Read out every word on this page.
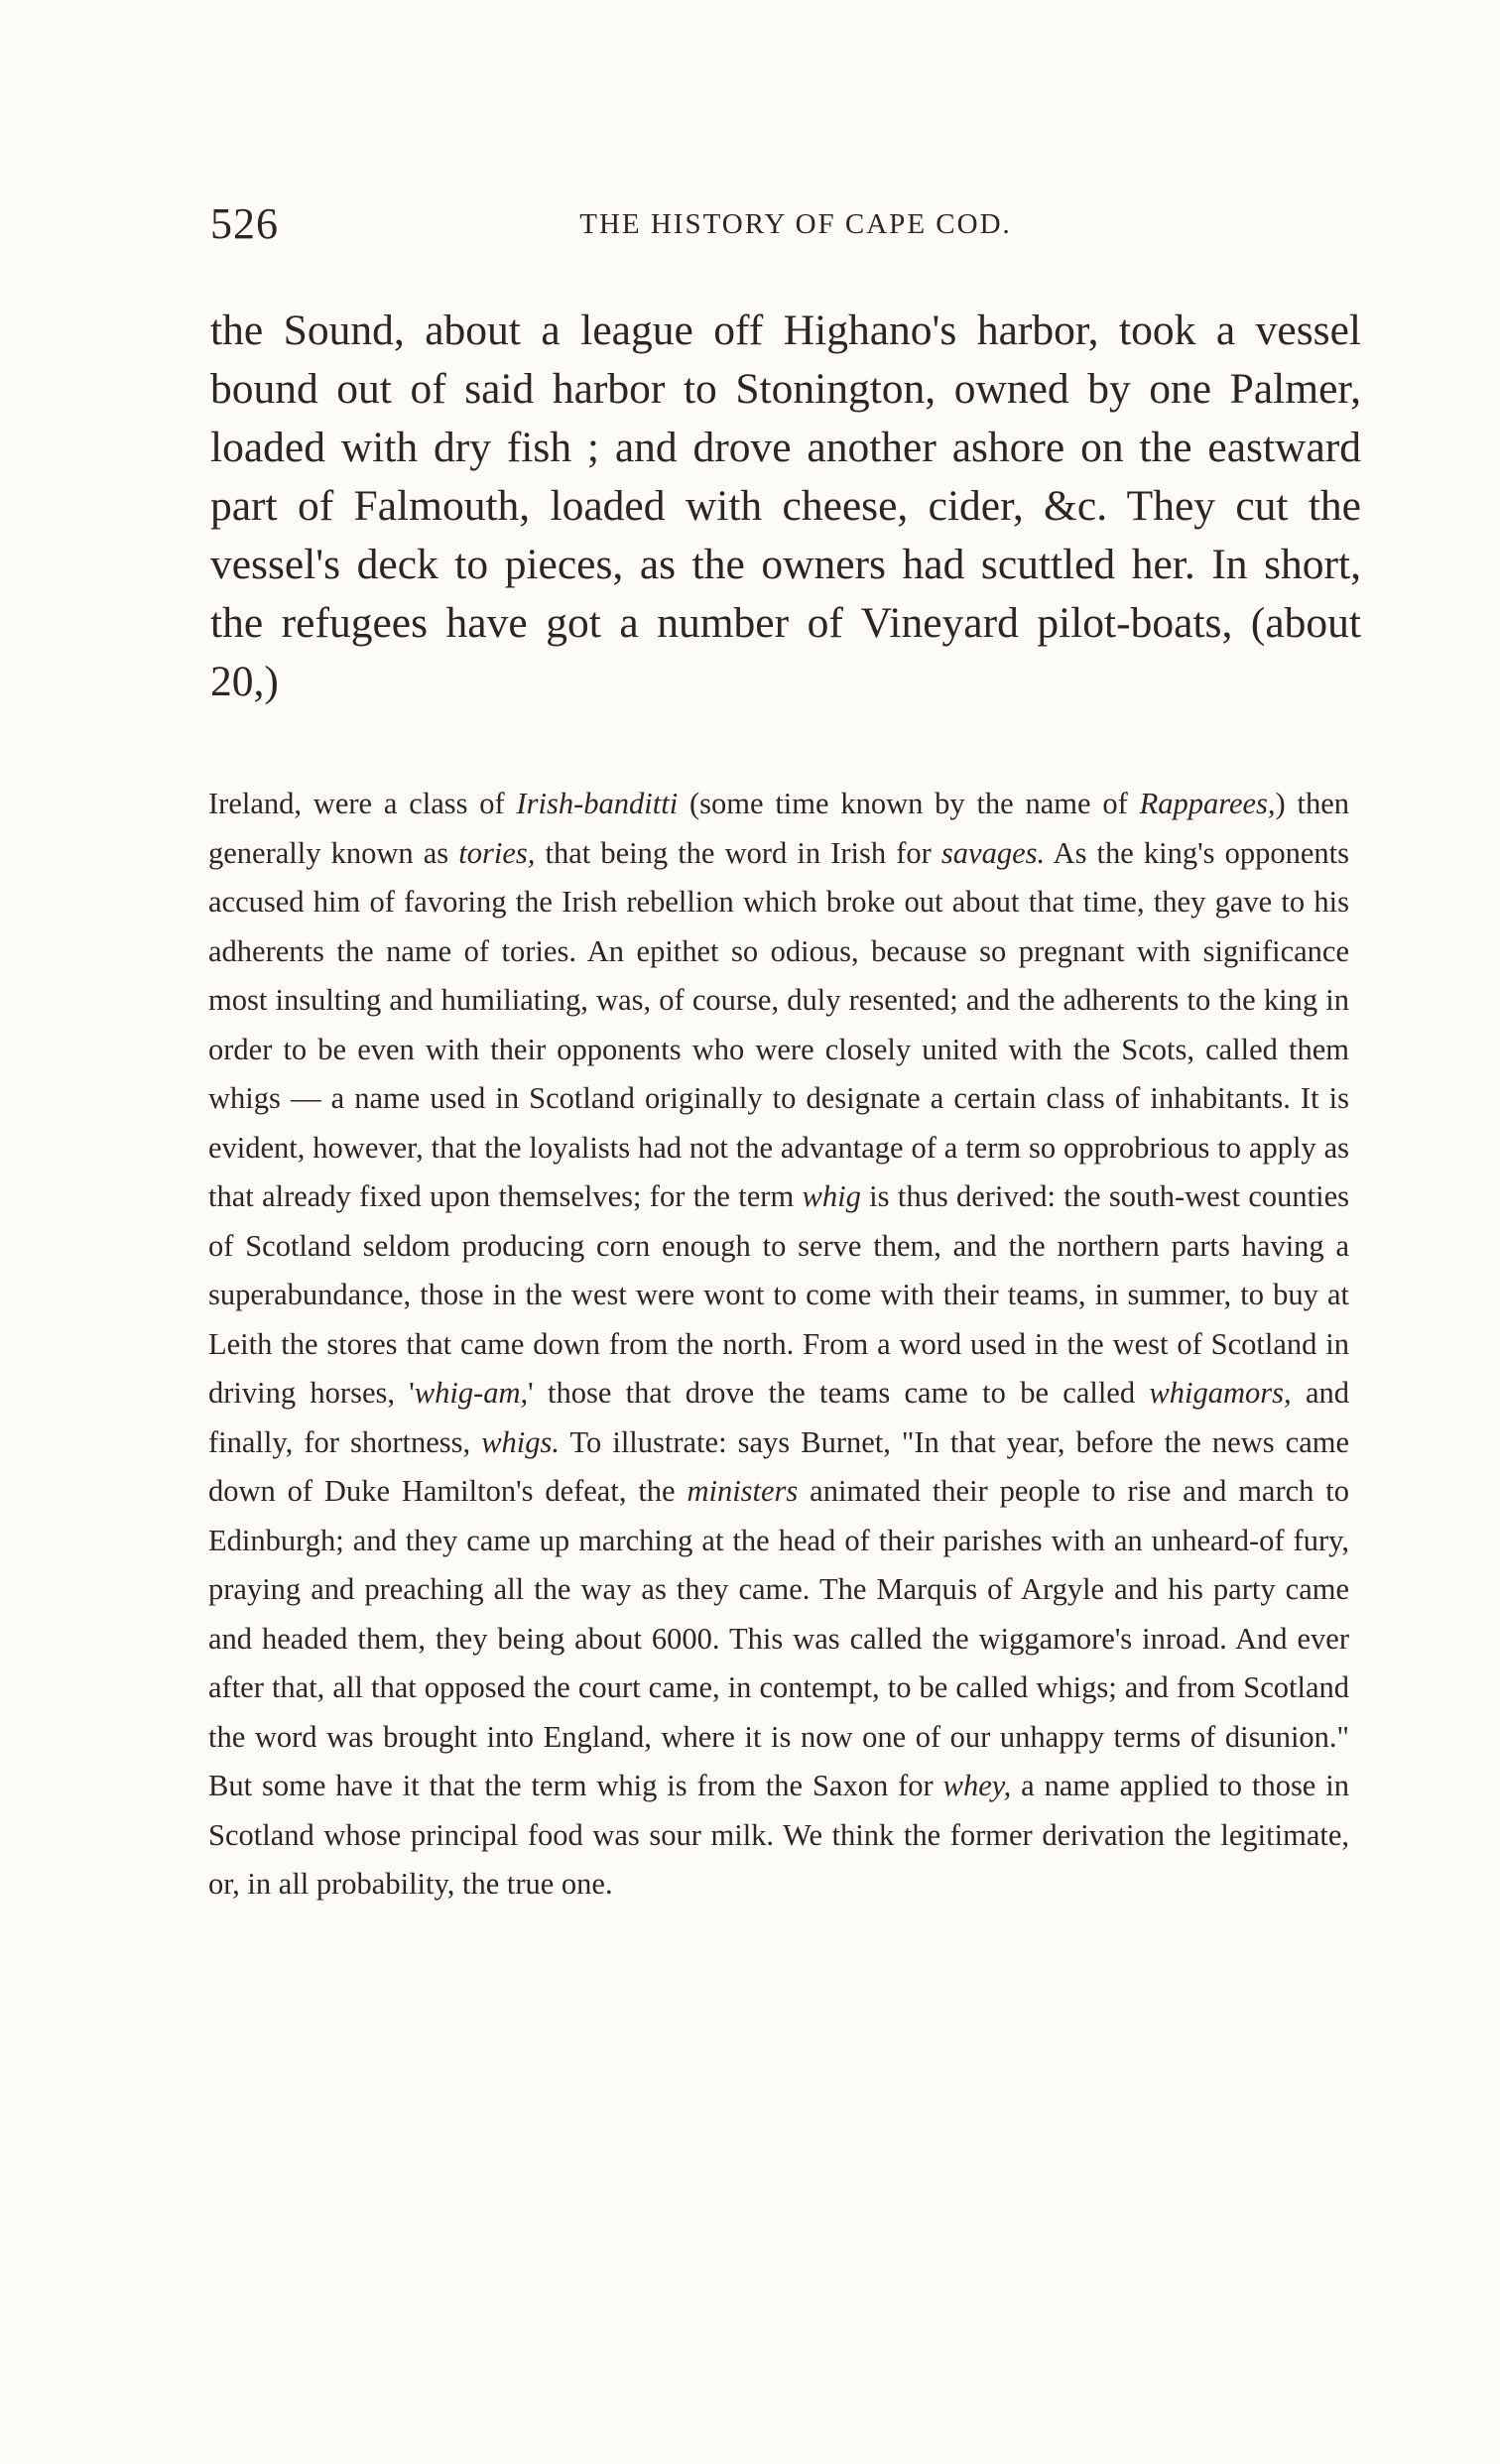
526	THE HISTORY OF CAPE COD.
the Sound, about a league off Highano's harbor, took a vessel bound out of said harbor to Stonington, owned by one Palmer, loaded with dry fish ; and drove another ashore on the eastward part of Falmouth, loaded with cheese, cider, &c. They cut the vessel's deck to pieces, as the owners had scuttled her. In short, the refugees have got a number of Vineyard pilot-boats, (about 20,)
Ireland, were a class of Irish-banditti (some time known by the name of Rapparees,) then generally known as tories, that being the word in Irish for savages. As the king's opponents accused him of favoring the Irish rebellion which broke out about that time, they gave to his adherents the name of tories. An epithet so odious, because so pregnant with significance most insulting and humiliating, was, of course, duly resented; and the adherents to the king in order to be even with their opponents who were closely united with the Scots, called them whigs — a name used in Scotland originally to designate a certain class of inhabitants. It is evident, however, that the loyalists had not the advantage of a term so opprobrious to apply as that already fixed upon themselves; for the term whig is thus derived: the south-west counties of Scotland seldom producing corn enough to serve them, and the northern parts having a superabundance, those in the west were wont to come with their teams, in summer, to buy at Leith the stores that came down from the north. From a word used in the west of Scotland in driving horses, 'whig-am,' those that drove the teams came to be called whigamors, and finally, for shortness, whigs. To illustrate: says Burnet, "In that year, before the news came down of Duke Hamilton's defeat, the ministers animated their people to rise and march to Edinburgh; and they came up marching at the head of their parishes with an unheard-of fury, praying and preaching all the way as they came. The Marquis of Argyle and his party came and headed them, they being about 6000. This was called the wiggamore's inroad. And ever after that, all that opposed the court came, in contempt, to be called whigs; and from Scotland the word was brought into England, where it is now one of our unhappy terms of disunion." But some have it that the term whig is from the Saxon for whey, a name applied to those in Scotland whose principal food was sour milk. We think the former derivation the legitimate, or, in all probability, the true one.
